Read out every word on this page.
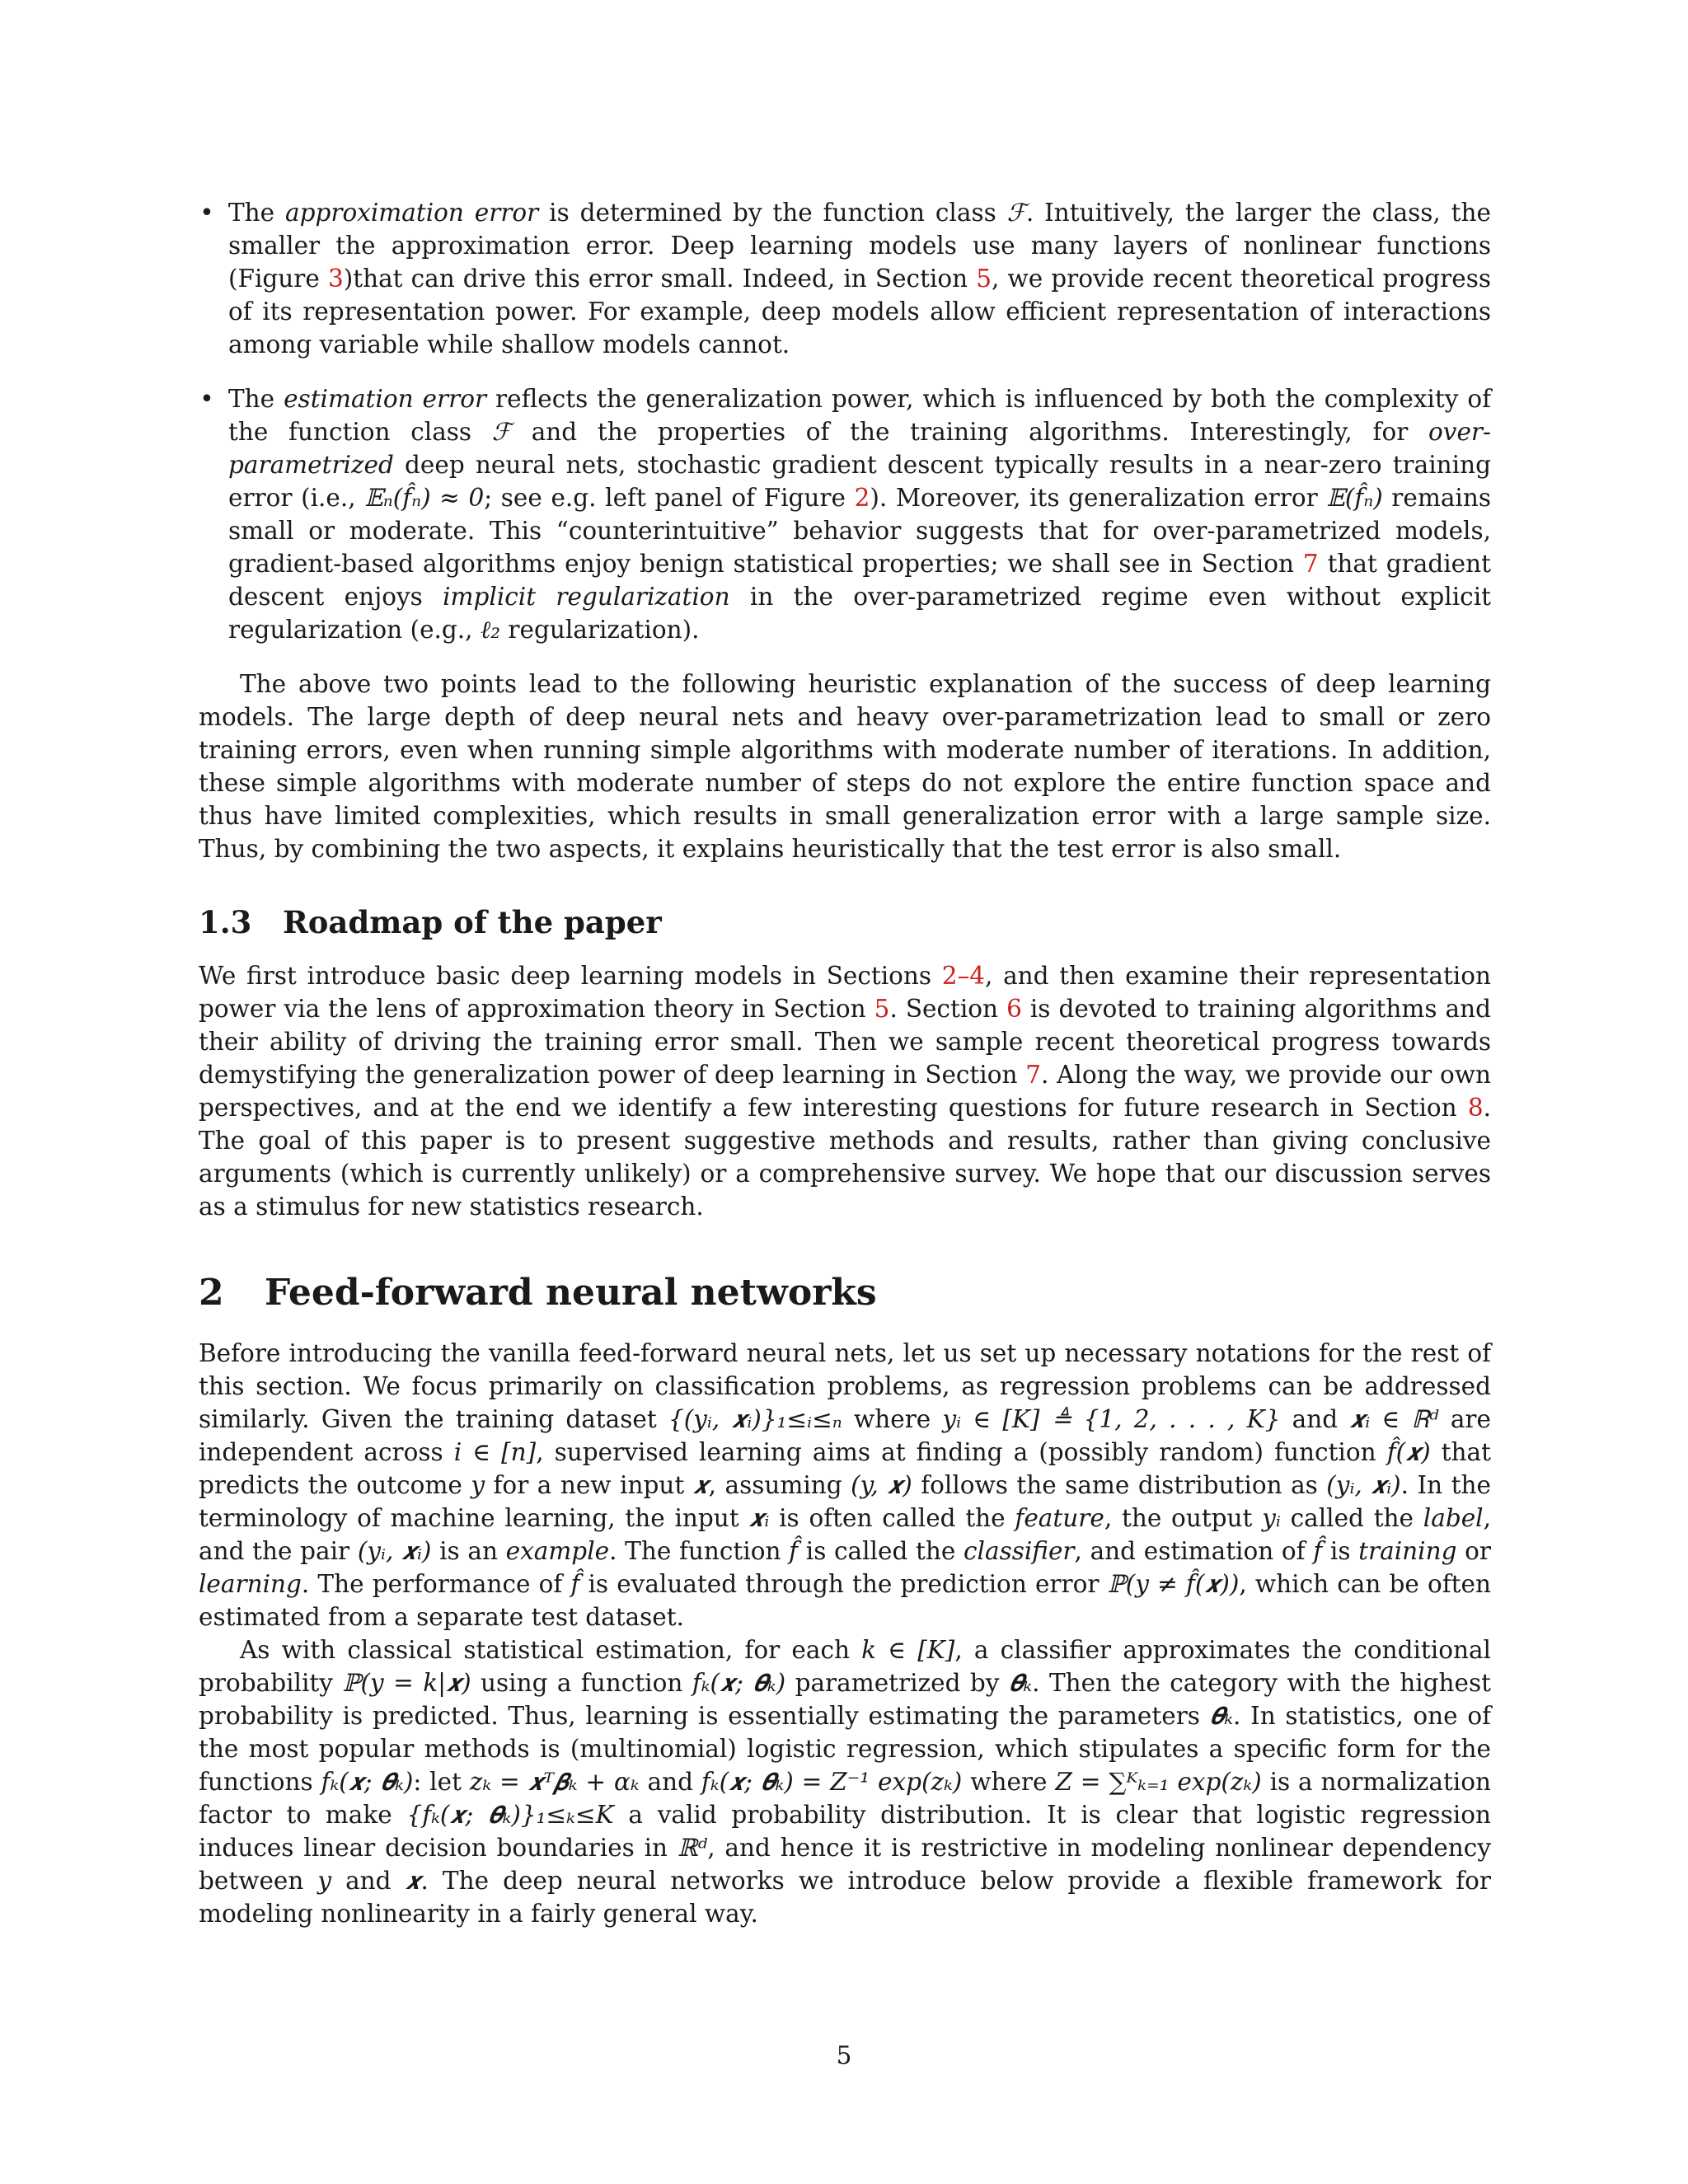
• The approximation error is determined by the function class ℱ. Intuitively, the larger the class, the smaller the approximation error. Deep learning models use many layers of nonlinear functions (Figure 3)that can drive this error small. Indeed, in Section 5, we provide recent theoretical progress of its representation power. For example, deep models allow efficient representation of interactions among variable while shallow models cannot.
• The estimation error reflects the generalization power, which is influenced by both the complexity of the function class ℱ and the properties of the training algorithms. Interestingly, for over-parametrized deep neural nets, stochastic gradient descent typically results in a near-zero training error (i.e., 𝔼ₙ(f̂ₙ) ≈ 0; see e.g. left panel of Figure 2). Moreover, its generalization error 𝔼(f̂ₙ) remains small or moderate. This “counterintuitive” behavior suggests that for over-parametrized models, gradient-based algorithms enjoy benign statistical properties; we shall see in Section 7 that gradient descent enjoys implicit regularization in the over-parametrized regime even without explicit regularization (e.g., ℓ₂ regularization).

The above two points lead to the following heuristic explanation of the success of deep learning models. The large depth of deep neural nets and heavy over-parametrization lead to small or zero training errors, even when running simple algorithms with moderate number of iterations. In addition, these simple algorithms with moderate number of steps do not explore the entire function space and thus have limited complexities, which results in small generalization error with a large sample size. Thus, by combining the two aspects, it explains heuristically that the test error is also small.

1.3 Roadmap of the paper

We first introduce basic deep learning models in Sections 2–4, and then examine their representation power via the lens of approximation theory in Section 5. Section 6 is devoted to training algorithms and their ability of driving the training error small. Then we sample recent theoretical progress towards demystifying the generalization power of deep learning in Section 7. Along the way, we provide our own perspectives, and at the end we identify a few interesting questions for future research in Section 8. The goal of this paper is to present suggestive methods and results, rather than giving conclusive arguments (which is currently unlikely) or a comprehensive survey. We hope that our discussion serves as a stimulus for new statistics research.

2 Feed-forward neural networks

Before introducing the vanilla feed-forward neural nets, let us set up necessary notations for the rest of this section. We focus primarily on classification problems, as regression problems can be addressed similarly. Given the training dataset {(yᵢ, 𝒙ᵢ)}₁≤ᵢ≤ₙ where yᵢ ∈ [K] ≜ {1, 2, . . . , K} and 𝒙ᵢ ∈ ℝᵈ are independent across i ∈ [n], supervised learning aims at finding a (possibly random) function f̂(𝒙) that predicts the outcome y for a new input 𝒙, assuming (y, 𝒙) follows the same distribution as (yᵢ, 𝒙ᵢ). In the terminology of machine learning, the input 𝒙ᵢ is often called the feature, the output yᵢ called the label, and the pair (yᵢ, 𝒙ᵢ) is an example. The function f̂ is called the classifier, and estimation of f̂ is training or learning. The performance of f̂ is evaluated through the prediction error ℙ(y ≠ f̂(𝒙)), which can be often estimated from a separate test dataset.

As with classical statistical estimation, for each k ∈ [K], a classifier approximates the conditional probability ℙ(y = k|𝒙) using a function fₖ(𝒙; 𝜽ₖ) parametrized by 𝜽ₖ. Then the category with the highest probability is predicted. Thus, learning is essentially estimating the parameters 𝜽ₖ. In statistics, one of the most popular methods is (multinomial) logistic regression, which stipulates a specific form for the functions fₖ(𝒙; 𝜽ₖ): let zₖ = 𝒙ᵀ𝜷ₖ + αₖ and fₖ(𝒙; 𝜽ₖ) = Z⁻¹ exp(zₖ) where Z = ∑ᴷₖ₌₁ exp(zₖ) is a normalization factor to make {fₖ(𝒙; 𝜽ₖ)}₁≤ₖ≤K a valid probability distribution. It is clear that logistic regression induces linear decision boundaries in ℝᵈ, and hence it is restrictive in modeling nonlinear dependency between y and 𝒙. The deep neural networks we introduce below provide a flexible framework for modeling nonlinearity in a fairly general way.

5
